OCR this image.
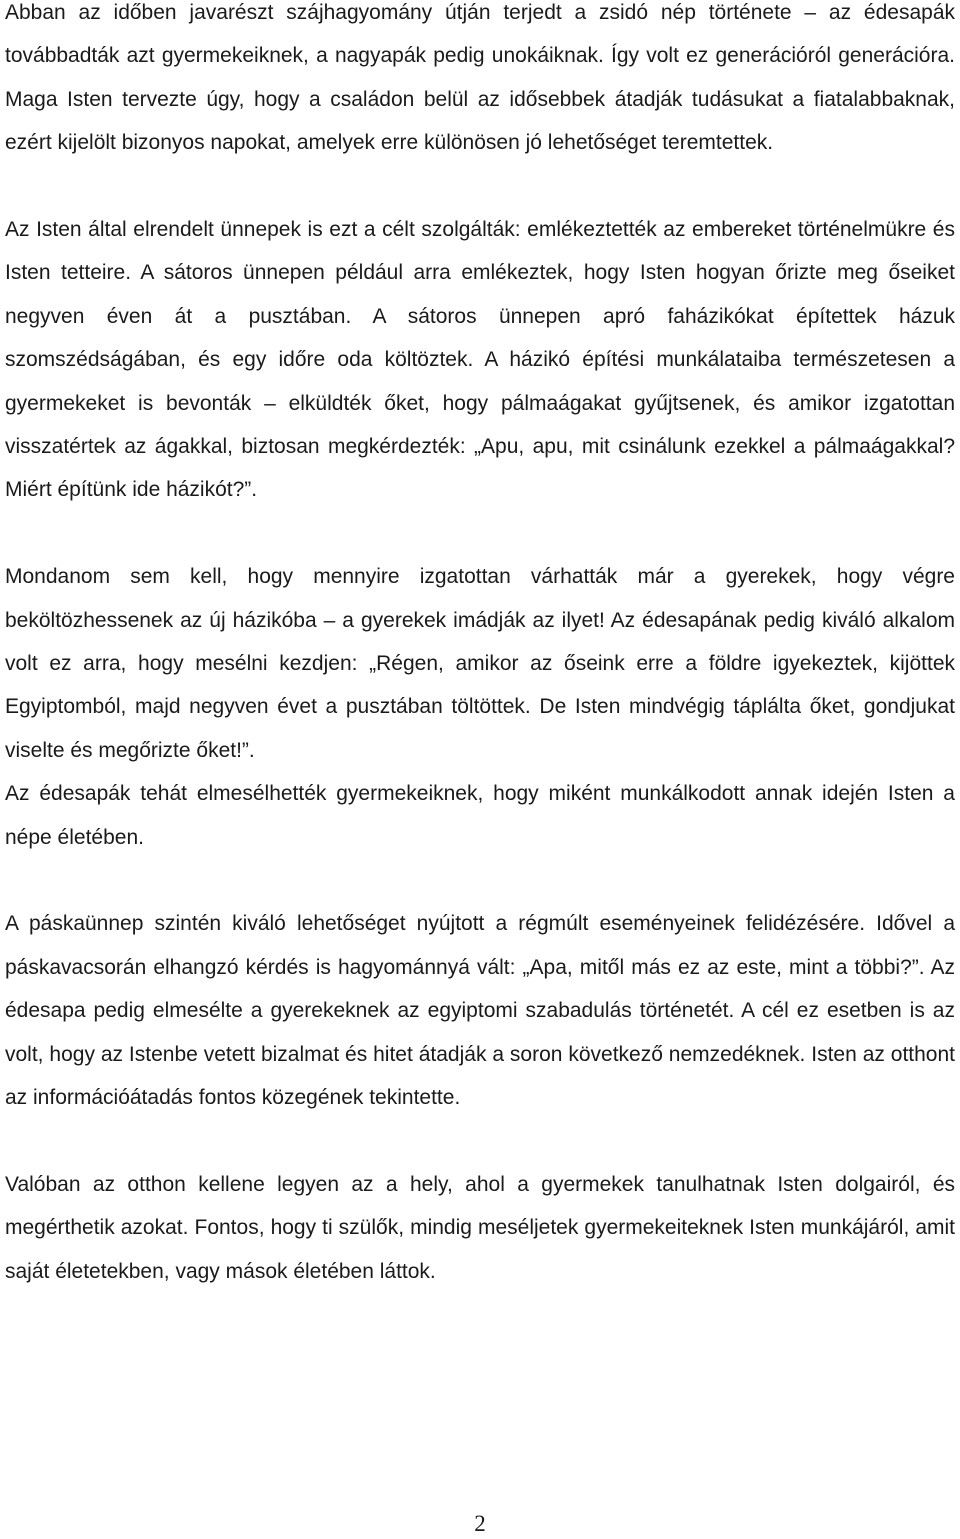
Abban az időben javarészt szájhagyomány útján terjedt a zsidó nép története – az édesapák továbbadták azt gyermekeiknek, a nagyapák pedig unokáiknak. Így volt ez generációról generációra. Maga Isten tervezte úgy, hogy a családon belül az idősebbek átadják tudásukat a fiatalabbaknak, ezért kijelölt bizonyos napokat, amelyek erre különösen jó lehetőséget teremtettek.

Az Isten által elrendelt ünnepek is ezt a célt szolgálták: emlékeztették az embereket történelmükre és Isten tetteire. A sátoros ünnepen például arra emlékeztek, hogy Isten hogyan őrizte meg őseiket negyven éven át a pusztában. A sátoros ünnepen apró faházikókat építettek házuk szomszédságában, és egy időre oda költöztek. A házikó építési munkálataiba természetesen a gyermekeket is bevonták – elküldték őket, hogy pálmaágakat gyűjtsenek, és amikor izgatottan visszatértek az ágakkal, biztosan megkérdezték: „Apu, apu, mit csinálunk ezekkel a pálmaágakkal? Miért építünk ide házikót?”.

Mondanom sem kell, hogy mennyire izgatottan várhatták már a gyerekek, hogy végre beköltözhessenek az új házikóba – a gyerekek imádják az ilyet! Az édesapának pedig kiváló alkalom volt ez arra, hogy mesélni kezdjen: „Régen, amikor az őseink erre a földre igyekeztek, kijöttek Egyiptomból, majd negyven évet a pusztában töltöttek. De Isten mindvégig táplálta őket, gondjukat viselte és megőrizte őket!”.

Az édesapák tehát elmesélhették gyermekeiknek, hogy miként munkálkodott annak idején Isten a népe életében.

A páskaünnep szintén kiváló lehetőséget nyújtott a régmúlt eseményeinek felidézésére. Idővel a páskavacsorán elhangzó kérdés is hagyománnyá vált: „Apa, mitől más ez az este, mint a többi?”. Az édesapa pedig elmesélte a gyerekeknek az egyiptomi szabadulás történetét. A cél ez esetben is az volt, hogy az Istenbe vetett bizalmat és hitet átadják a soron következő nemzedéknek. Isten az otthont az információátadás fontos közegének tekintette.

Valóban az otthon kellene legyen az a hely, ahol a gyermekek tanulhatnak Isten dolgairól, és megérthetik azokat. Fontos, hogy ti szülők, mindig meséljetek gyermekeiteknek Isten munkájáról, amit saját életetekben, vagy mások életében láttok.

2
